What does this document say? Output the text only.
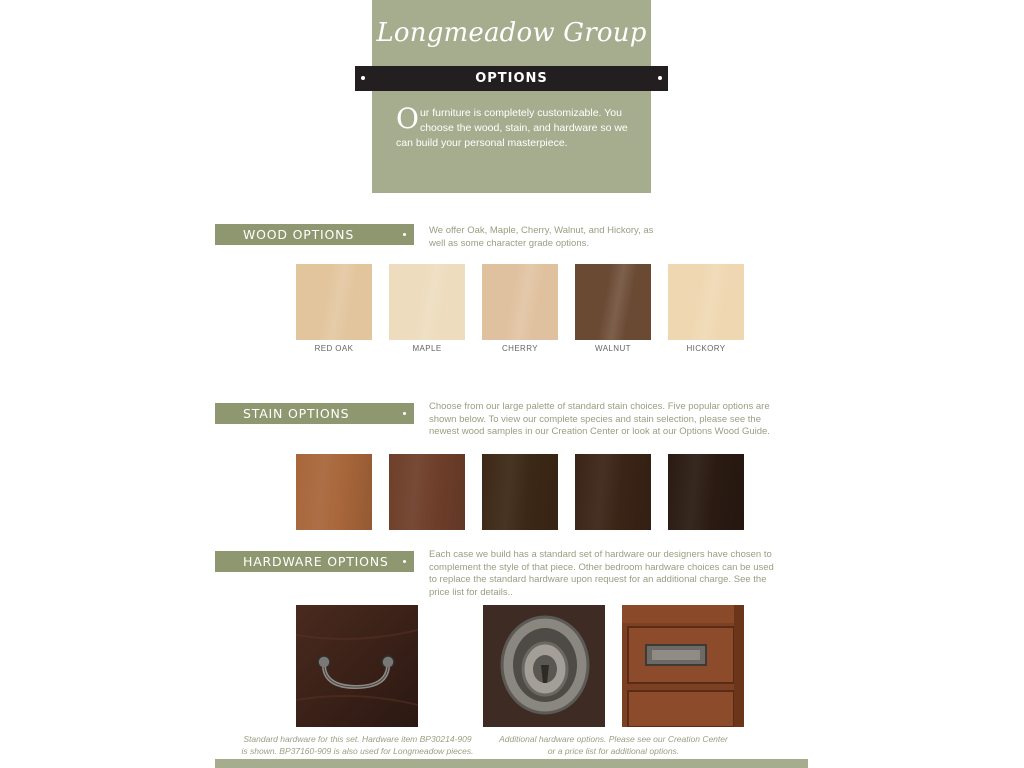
Longmeadow Group
OPTIONS
Our furniture is completely customizable. You choose the wood, stain, and hardware so we can build your personal masterpiece.
WOOD OPTIONS	We offer Oak, Maple, Cherry, Walnut, and Hickory, as well as some character grade options.
RED OAK	MAPLE	CHERRY	WALNUT	HICKORY
STAIN OPTIONS	Choose from our large palette of standard stain choices. Five popular options are shown below. To view our complete species and stain selection, please see the newest wood samples in our Creation Center or look at our Options Wood Guide.
HARDWARE OPTIONS	Each case we build has a standard set of hardware our designers have chosen to complement the style of that piece. Other bedroom hardware choices can be used to replace the standard hardware upon request for an additional charge. See the price list for details..
Standard hardware for this set. Hardware item BP30214-909 is shown. BP37160-909 is also used for Longmeadow pieces.
Additional hardware options. Please see our Creation Center or a price list for additional options.
